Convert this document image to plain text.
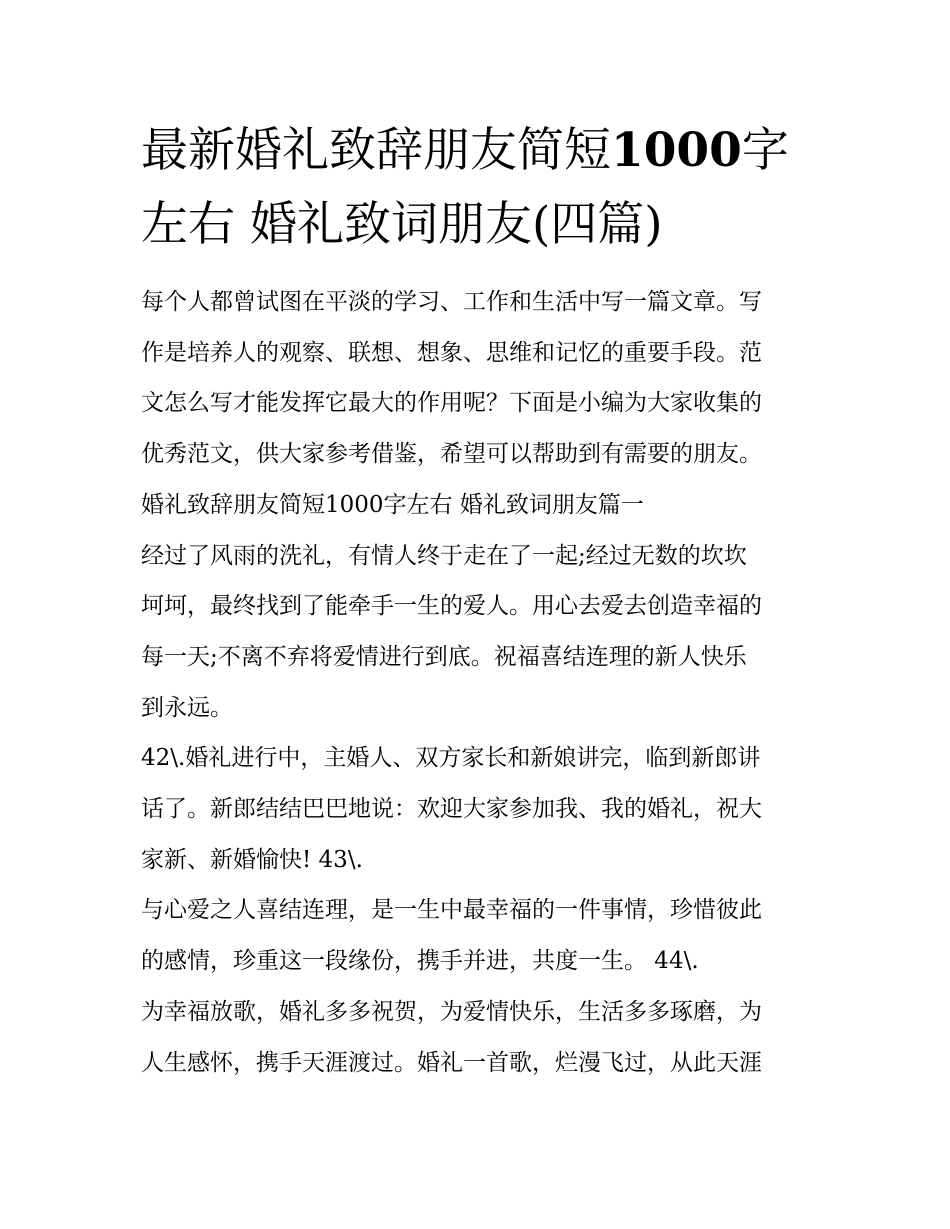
最新婚礼致辞朋友简短1000字
左右 婚礼致词朋友(四篇)

每个人都曾试图在平淡的学习、工作和生活中写一篇文章。写
作是培养人的观察、联想、想象、思维和记忆的重要手段。范
文怎么写才能发挥它最大的作用呢？下面是小编为大家收集的
优秀范文，供大家参考借鉴，希望可以帮助到有需要的朋友。

婚礼致辞朋友简短1000字左右 婚礼致词朋友篇一

经过了风雨的洗礼，有情人终于走在了一起;经过无数的坎坎
坷坷，最终找到了能牵手一生的爱人。用心去爱去创造幸福的
每一天;不离不弃将爱情进行到底。祝福喜结连理的新人快乐
到永远。

42\.婚礼进行中，主婚人、双方家长和新娘讲完，临到新郎讲
话了。新郎结结巴巴地说：欢迎大家参加我、我的婚礼，祝大
家新、新婚愉快! 43\.

与心爱之人喜结连理，是一生中最幸福的一件事情，珍惜彼此
的感情，珍重这一段缘份，携手并进，共度一生。 44\.

为幸福放歌，婚礼多多祝贺，为爱情快乐，生活多多琢磨，为
人生感怀，携手天涯渡过。婚礼一首歌，烂漫飞过，从此天涯
